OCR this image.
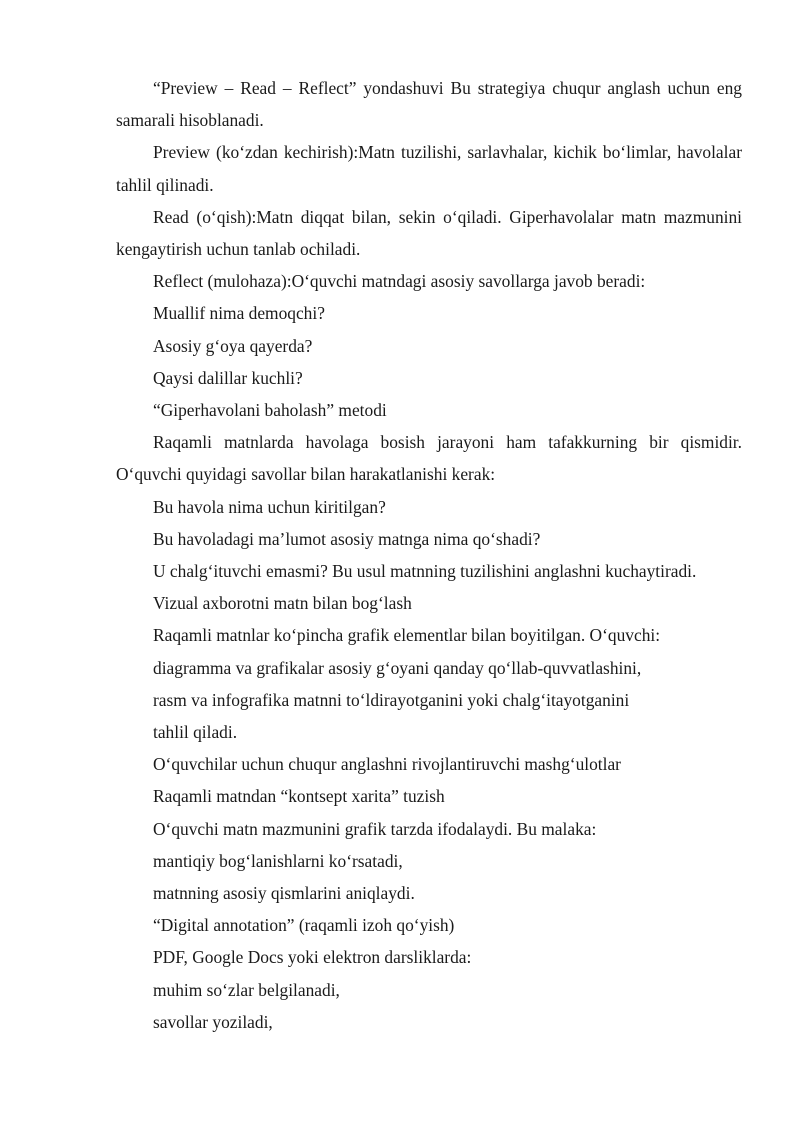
“Preview – Read – Reflect” yondashuvi Bu strategiya chuqur anglash uchun eng samarali hisoblanadi.

Preview (ko‘zdan kechirish):Matn tuzilishi, sarlavhalar, kichik bo‘limlar, havolalar tahlil qilinadi.

Read (o‘qish):Matn diqqat bilan, sekin o‘qiladi. Giperhavolalar matn mazmunini kengaytirish uchun tanlab ochiladi.

Reflect (mulohaza):O‘quvchi matndagi asosiy savollarga javob beradi:

Muallif nima demoqchi?

Asosiy g‘oya qayerda?

Qaysi dalillar kuchli?

“Giperhavolani baholash” metodi

Raqamli matnlarda havolaga bosish jarayoni ham tafakkurning bir qismidir. O‘quvchi quyidagi savollar bilan harakatlanishi kerak:

Bu havola nima uchun kiritilgan?

Bu havoladagi ma’lumot asosiy matnga nima qo‘shadi?

U chalg‘ituvchi emasmi? Bu usul matnning tuzilishini anglashni kuchaytiradi.

Vizual axborotni matn bilan bog‘lash

Raqamli matnlar ko‘pincha grafik elementlar bilan boyitilgan. O‘quvchi:

diagramma va grafikalar asosiy g‘oyani qanday qo‘llab-quvvatlashini,

rasm va infografika matnni to‘ldirayotganini yoki chalg‘itayotganini

tahlil qiladi.

O‘quvchilar uchun chuqur anglashni rivojlantiruvchi mashg‘ulotlar

Raqamli matndan “kontsept xarita” tuzish

O‘quvchi matn mazmunini grafik tarzda ifodalaydi. Bu malaka:

mantiqiy bog‘lanishlarni ko‘rsatadi,

matnning asosiy qismlarini aniqlaydi.

“Digital annotation” (raqamli izoh qo‘yish)

PDF, Google Docs yoki elektron darsliklarda:

muhim so‘zlar belgilanadi,

savollar yoziladi,
